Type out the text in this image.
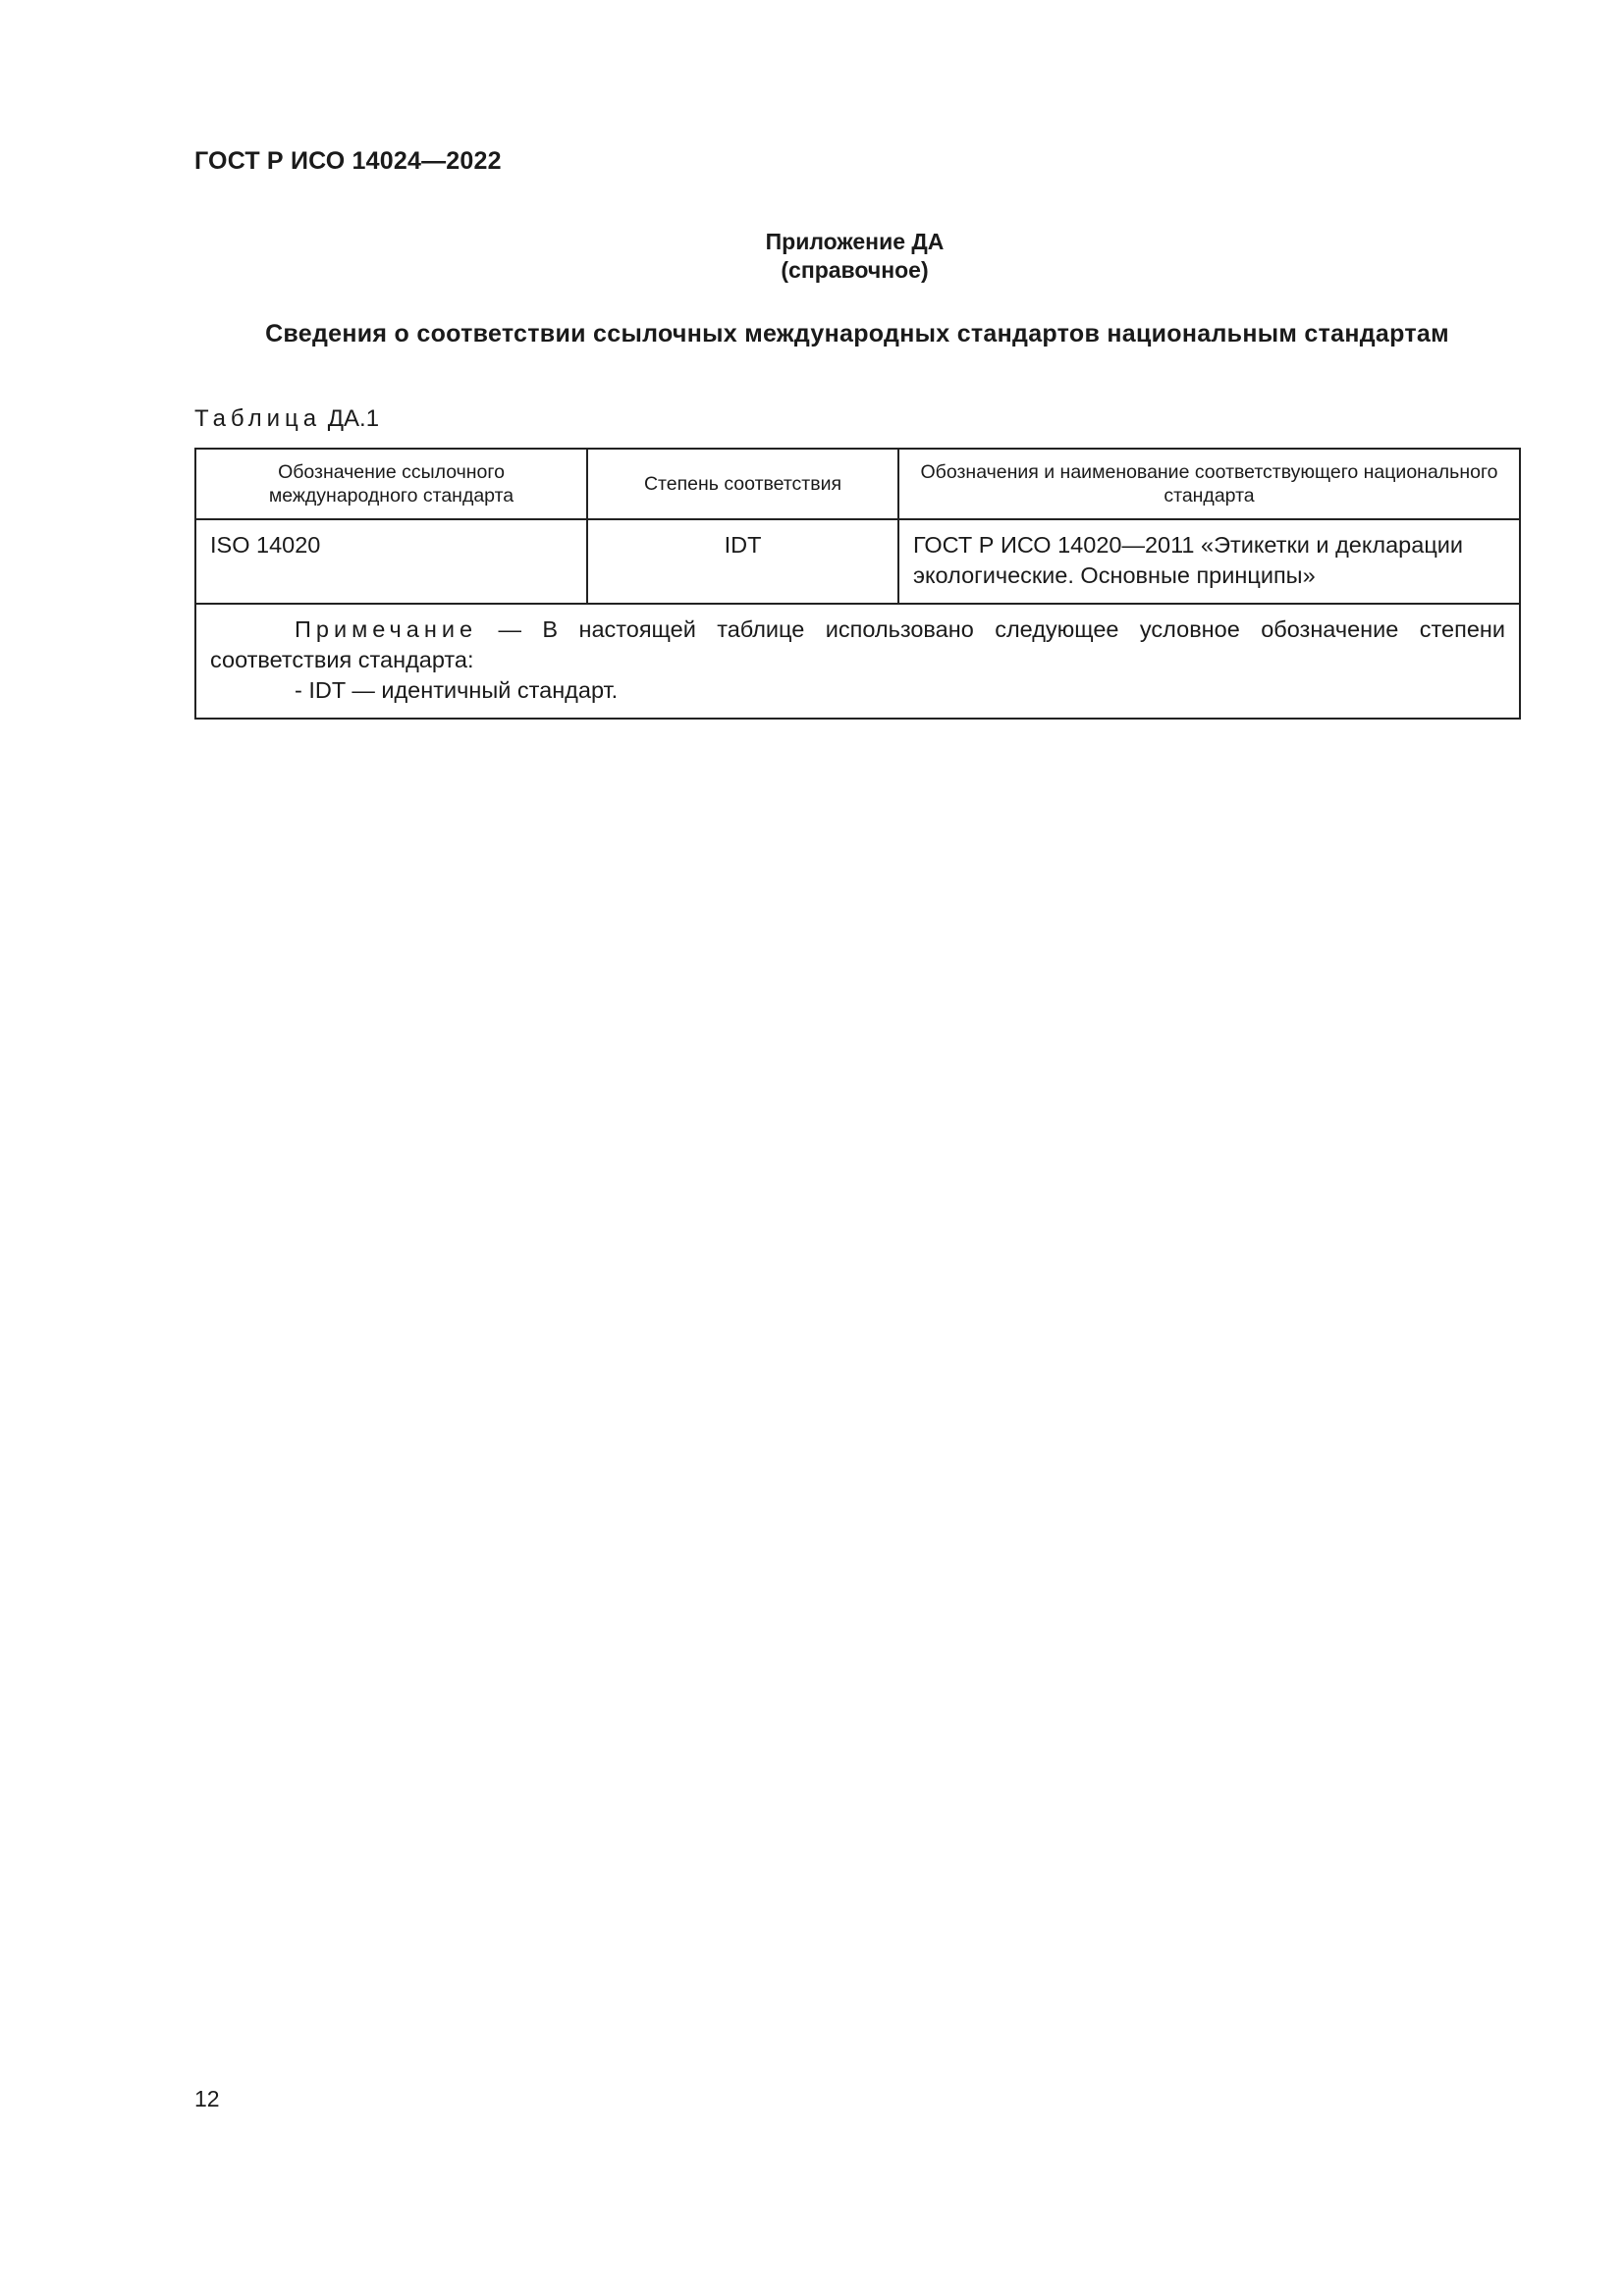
ГОСТ Р ИСО 14024—2022
Приложение ДА
(справочное)
Сведения о соответствии ссылочных международных стандартов национальным стандартам
Таблица ДА.1
Обозначение ссылочного международного стандарта	Степень соответствия	Обозначения и наименование соответствующего национального стандарта
ISO 14020	IDT	ГОСТ Р ИСО 14020—2011 «Этикетки и декларации экологические. Основные принципы»

Примечание — В настоящей таблице использовано следующее условное обозначение степени соответствия стандарта:
- IDT — идентичный стандарт.		
12
